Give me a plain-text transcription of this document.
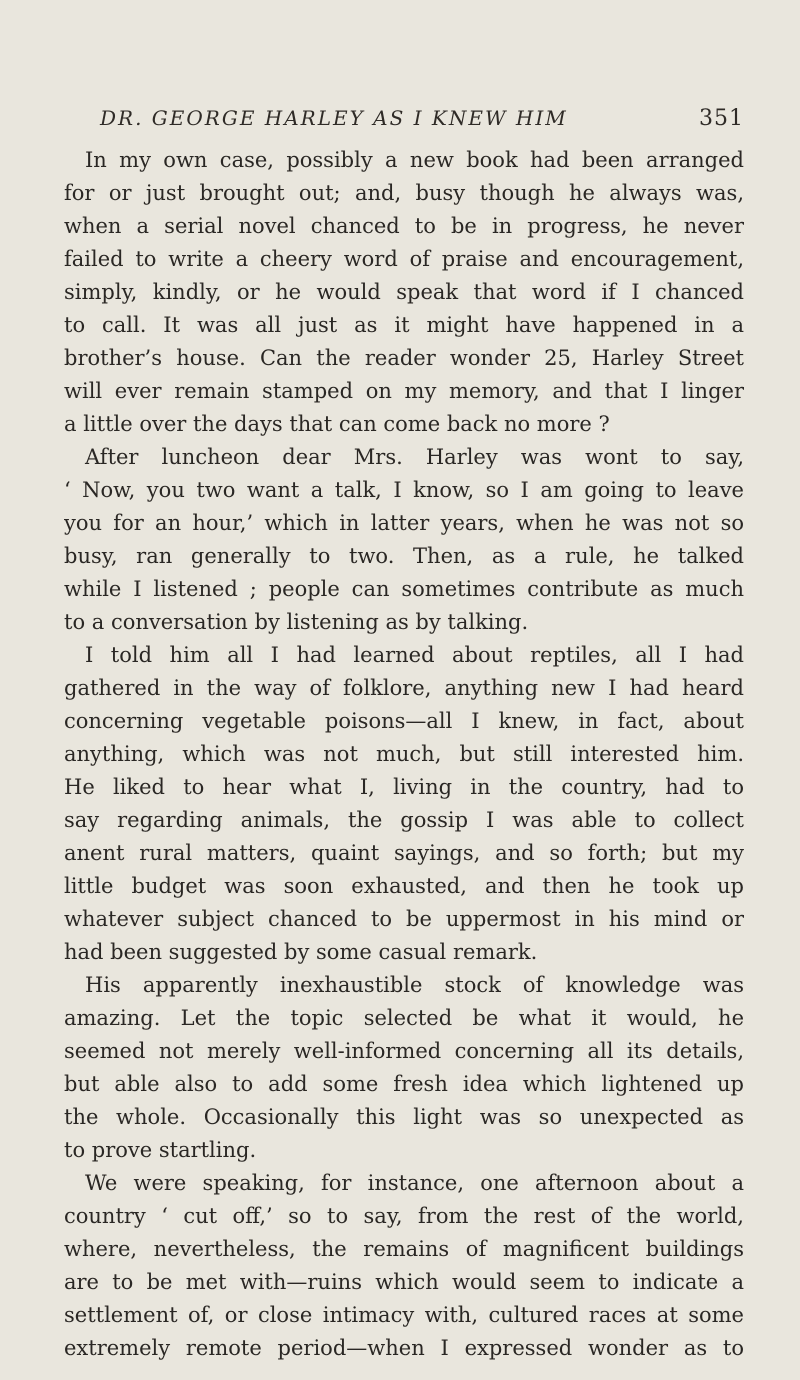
DR. GEORGE HARLEY AS I KNEW HIM	351
In my own case, possibly a new book had been arranged
for or just brought out; and, busy though he always was,
when a serial novel chanced to be in progress, he never
failed to write a cheery word of praise and encouragement,
simply, kindly, or he would speak that word if I chanced
to call. It was all just as it might have happened in a
brother’s house. Can the reader wonder 25, Harley Street
will ever remain stamped on my memory, and that I linger
a little over the days that can come back no more ?
After luncheon dear Mrs. Harley was wont to say,
‘ Now, you two want a talk, I know, so I am going to leave
you for an hour,’ which in latter years, when he was not so
busy, ran generally to two. Then, as a rule, he talked
while I listened ; people can sometimes contribute as much
to a conversation by listening as by talking.
I told him all I had learned about reptiles, all I had
gathered in the way of folklore, anything new I had heard
concerning vegetable poisons—all I knew, in fact, about
anything, which was not much, but still interested him.
He liked to hear what I, living in the country, had to
say regarding animals, the gossip I was able to collect
anent rural matters, quaint sayings, and so forth; but my
little budget was soon exhausted, and then he took up
whatever subject chanced to be uppermost in his mind or
had been suggested by some casual remark.
His apparently inexhaustible stock of knowledge was
amazing. Let the topic selected be what it would, he
seemed not merely well-informed concerning all its details,
but able also to add some fresh idea which lightened up
the whole. Occasionally this light was so unexpected as
to prove startling.
We were speaking, for instance, one afternoon about a
country ‘ cut off,’ so to say, from the rest of the world,
where, nevertheless, the remains of magnificent buildings
are to be met with—ruins which would seem to indicate a
settlement of, or close intimacy with, cultured races at some
extremely remote period—when I expressed wonder as to
